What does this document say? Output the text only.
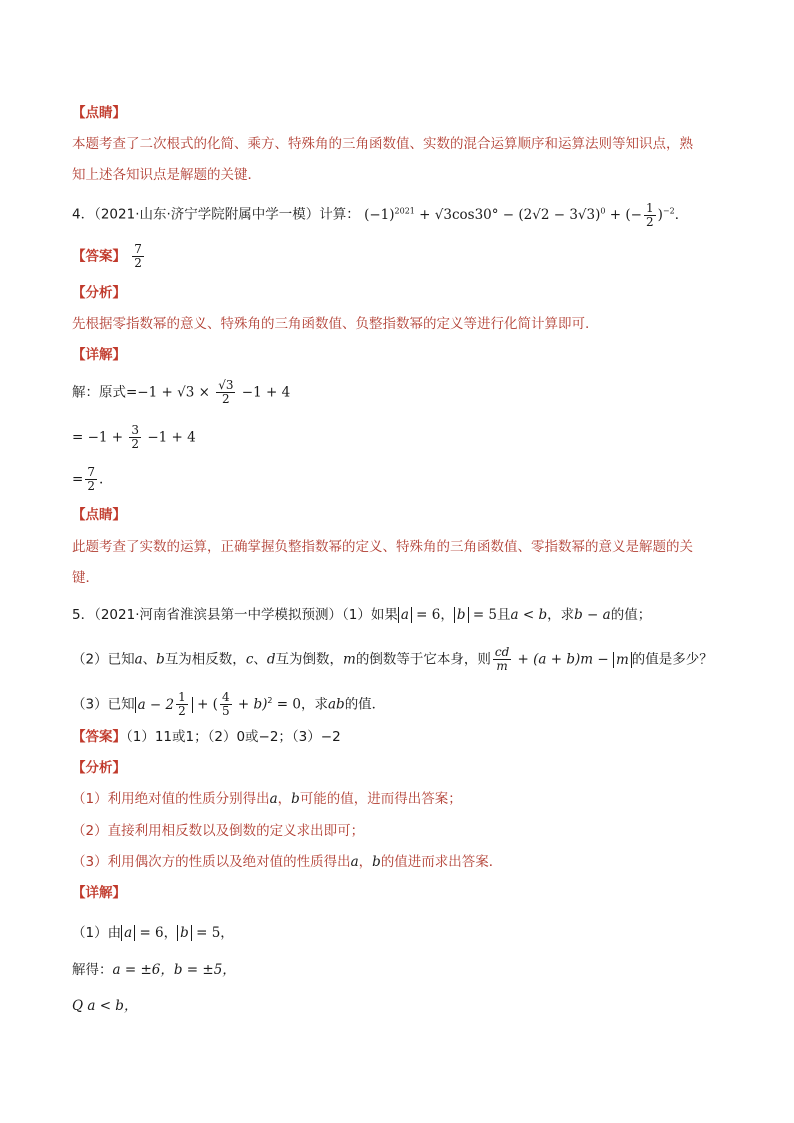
【点睛】
本题考查了二次根式的化简、乘方、特殊角的三角函数值、实数的混合运算顺序和运算法则等知识点，熟
知上述各知识点是解题的关键．
4．（2021·山东·济宁学院附属中学一模）计算： $(-1)^{2021} + √3\cos 30^\circ - (2√2 - 3√3)^0$ + (− $\frac{1}{2} )^{-2}$．
【答案】 $\frac{7}{2}$
【分析】
先根据零指数幂的意义、特殊角的三角函数值、负整指数幂的定义等进行化简计算即可.
【详解】
解：原式$=-1 + √3 \times \frac{√3}{2} -1 + 4$
= $-1 + \frac{3}{2} -1 + 4$
= $\frac{7}{2}$ .
【点睛】
此题考查了实数的运算，正确掌握负整指数幂的定义、特殊角的三角函数值、零指数幂的意义是解题的关
键．
5．（2021·河南省淮滨县第一中学模拟预测）（1）如果 a = 6， b = 5且a < b，求b − a的值；
（2）已知a、b互为相反数，c、d互为倒数，m的倒数等于它本身，则 $\frac{cd}{m} + (a + b)m - m$ 的值是多少？
（3）已知 $a - 2 \frac{1}{2}$ + ( $\frac{4}{5} + b)^2 = 0$，求ab的值．
【答案】（1）11或1；（2）0或−2；（3）−2
【分析】
（1）利用绝对值的性质分别得出a，b可能的值，进而得出答案；
（2）直接利用相反数以及倒数的定义求出即可；
（3）利用偶次方的性质以及绝对值的性质得出a，b的值进而求出答案．
【详解】
（1）由 a = 6， b = 5，
解得：a = ±6，b = ±5，
Q a < b，
